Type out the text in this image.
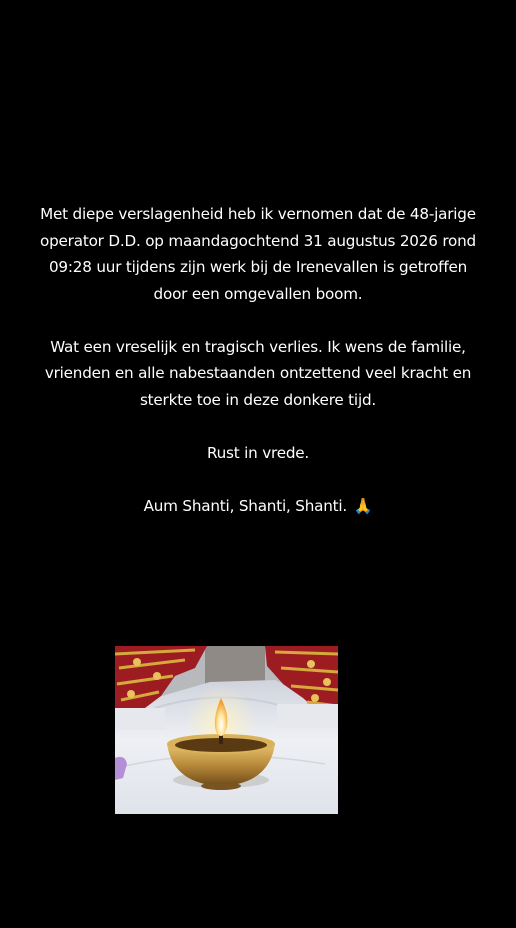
Met diepe verslagenheid heb ik vernomen dat de 48-jarige
operator D.D. op maandagochtend 31 augustus 2026 rond
09:28 uur tijdens zijn werk bij de Irenevallen is getroffen
door een omgevallen boom.

Wat een vreselijk en tragisch verlies. Ik wens de familie,
vrienden en alle nabestaanden ontzettend veel kracht en
sterkte toe in deze donkere tijd.

Rust in vrede.

Aum Shanti, Shanti, Shanti. 🙏
